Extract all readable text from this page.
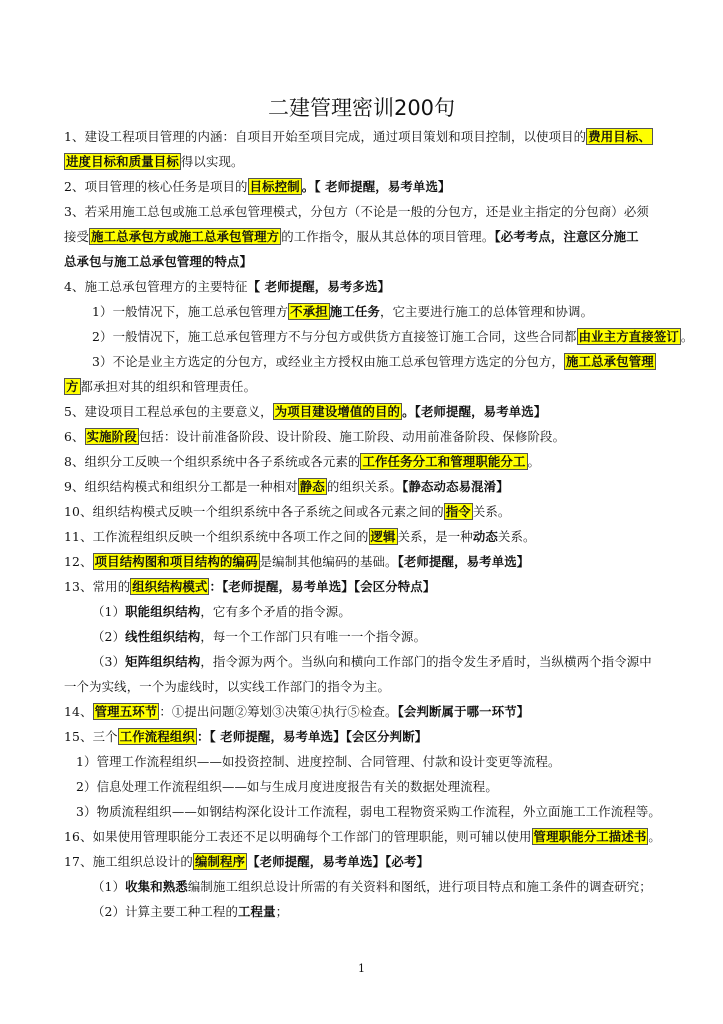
二建管理密训200句
1、建设工程项目管理的内涵：自项目开始至项目完成，通过项目策划和项目控制，以使项目的 费用目标、
进度目标和质量目标 得以实现。
2、项目管理的核心任务是项目的 目标控制 。【 老师提醒，易考单选】
3、若采用施工总包或施工总承包管理模式，分包方（不论是一般的分包方，还是业主指定的分包商）必须
接受 施工总承包方或施工总承包管理方 的工作指令，服从其总体的项目管理。【必考考点，注意区分施工
总承包与施工总承包管理的特点】
4、施工总承包管理方的主要特征【 老师提醒，易考多选】
1）一般情况下，施工总承包管理方 不承担 施工任务，它主要进行施工的总体管理和协调。
2）一般情况下，施工总承包管理方不与分包方或供货方直接签订施工合同，这些合同都 由业主方直接签订 。
3）不论是业主方选定的分包方，或经业主方授权由施工总承包管理方选定的分包方， 施工总承包管理
方 都承担对其的组织和管理责任。
5、建设项目工程总承包的主要意义， 为项目建设增值的目的 。【老师提醒，易考单选】
6、 实施阶段 包括：设计前准备阶段、设计阶段、施工阶段、动用前准备阶段、保修阶段。
8、组织分工反映一个组织系统中各子系统或各元素的 工作任务分工和管理职能分工 。
9、组织结构模式和组织分工都是一种相对 静态 的组织关系。【静态动态易混淆】
10、组织结构模式反映一个组织系统中各子系统之间或各元素之间的 指令 关系。
11、工作流程组织反映一个组织系统中各项工作之间的 逻辑 关系，是一种动态关系。
12、 项目结构图和项目结构的编码 是编制其他编码的基础。【老师提醒，易考单选】
13、常用的 组织结构模式 ：【老师提醒，易考单选】【会区分特点】
（1）职能组织结构，它有多个矛盾的指令源。
（2）线性组织结构，每一个工作部门只有唯一一个指令源。
（3）矩阵组织结构，指令源为两个。当纵向和横向工作部门的指令发生矛盾时，当纵横两个指令源中
一个为实线，一个为虚线时，以实线工作部门的指令为主。
14、 管理五环节 ：①提出问题②筹划③决策④执行⑤检查。【会判断属于哪一环节】
15、三个 工作流程组织 ：【 老师提醒，易考单选】【会区分判断】
1）管理工作流程组织——如投资控制、进度控制、合同管理、付款和设计变更等流程。
2）信息处理工作流程组织——如与生成月度进度报告有关的数据处理流程。
3）物质流程组织——如钢结构深化设计工作流程，弱电工程物资采购工作流程，外立面施工工作流程等。
16、如果使用管理职能分工表还不足以明确每个工作部门的管理职能，则可辅以使用 管理职能分工描述书 。
17、施工组织总设计的 编制程序 【老师提醒，易考单选】【必考】
（1）收集和熟悉编制施工组织总设计所需的有关资料和图纸，进行项目特点和施工条件的调查研究；
（2）计算主要工种工程的工程量；
1
